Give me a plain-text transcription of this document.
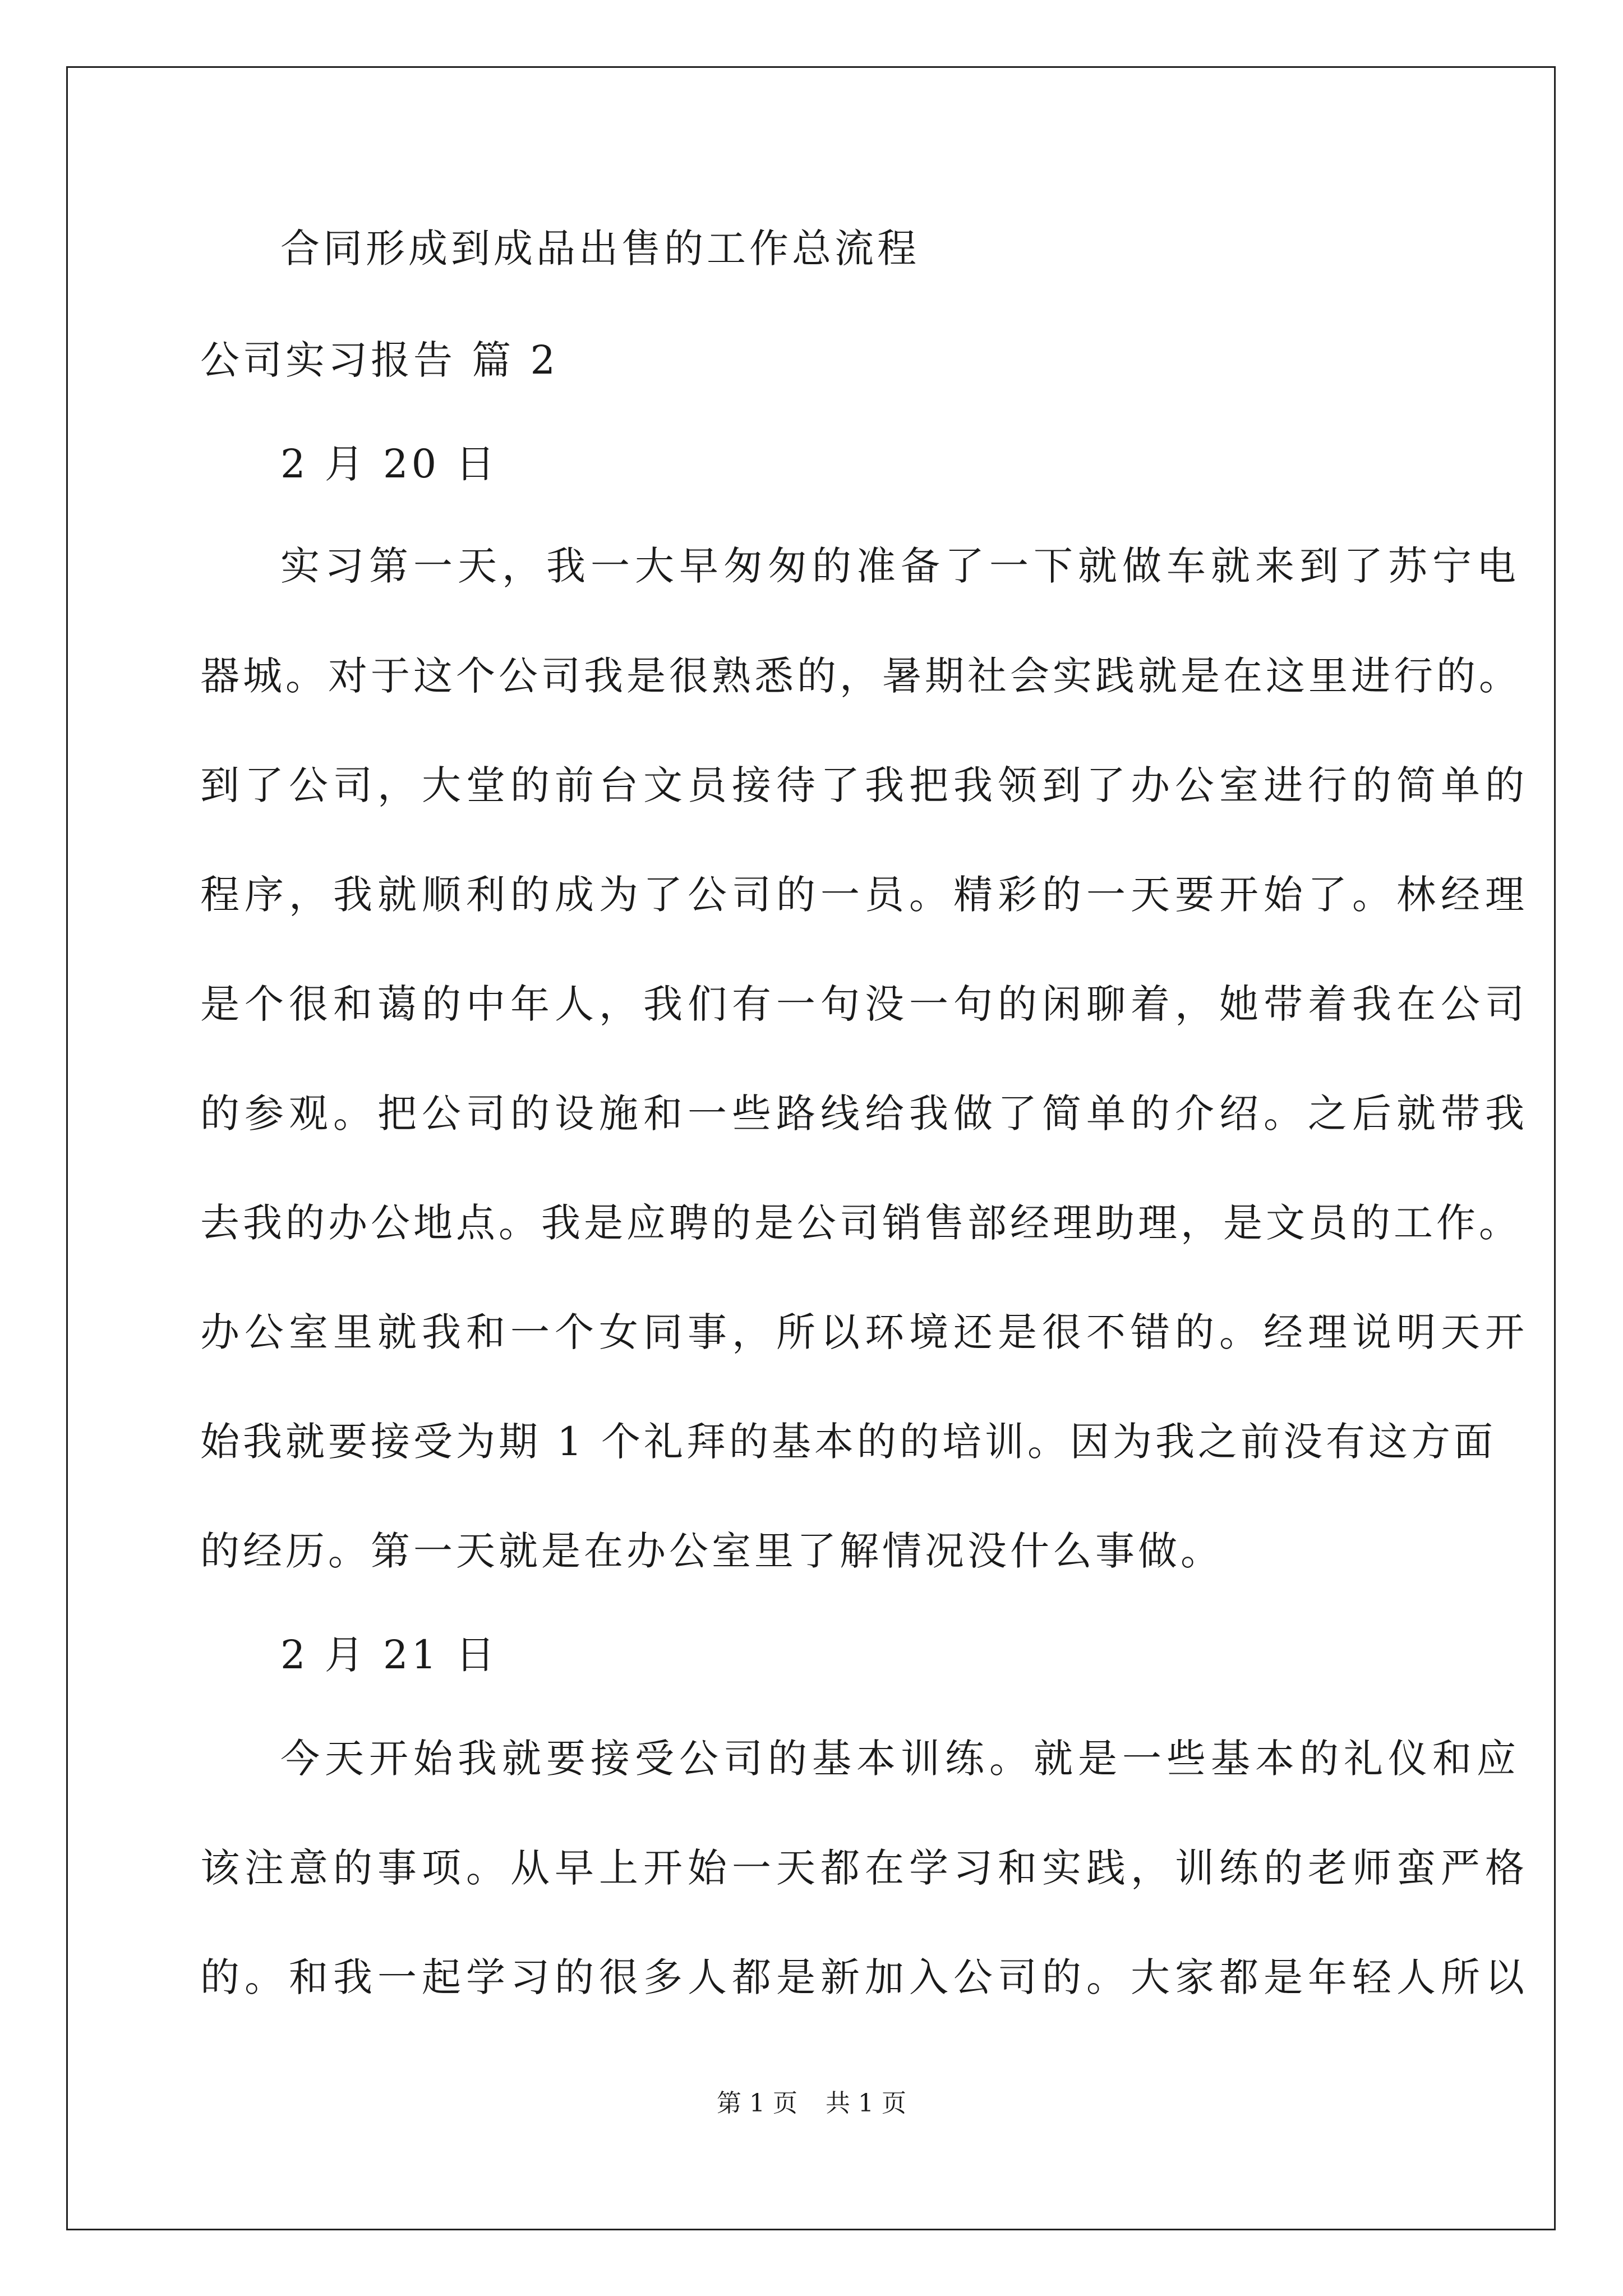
合同形成到成品出售的工作总流程

公司实习报告 篇 2

2 月 20 日

实习第一天，我一大早匆匆的准备了一下就做车就来到了苏宁电

器城。对于这个公司我是很熟悉的，暑期社会实践就是在这里进行的。

到了公司，大堂的前台文员接待了我把我领到了办公室进行的简单的

程序，我就顺利的成为了公司的一员。精彩的一天要开始了。林经理

是个很和蔼的中年人，我们有一句没一句的闲聊着，她带着我在公司

的参观。把公司的设施和一些路线给我做了简单的介绍。之后就带我

去我的办公地点。我是应聘的是公司销售部经理助理，是文员的工作。

办公室里就我和一个女同事，所以环境还是很不错的。经理说明天开

始我就要接受为期 1 个礼拜的基本的的培训。因为我之前没有这方面

的经历。第一天就是在办公室里了解情况没什么事做。

2 月 21 日

今天开始我就要接受公司的基本训练。就是一些基本的礼仪和应

该注意的事项。从早上开始一天都在学习和实践，训练的老师蛮严格

的。和我一起学习的很多人都是新加入公司的。大家都是年轻人所以

第 1 页 共 1 页
